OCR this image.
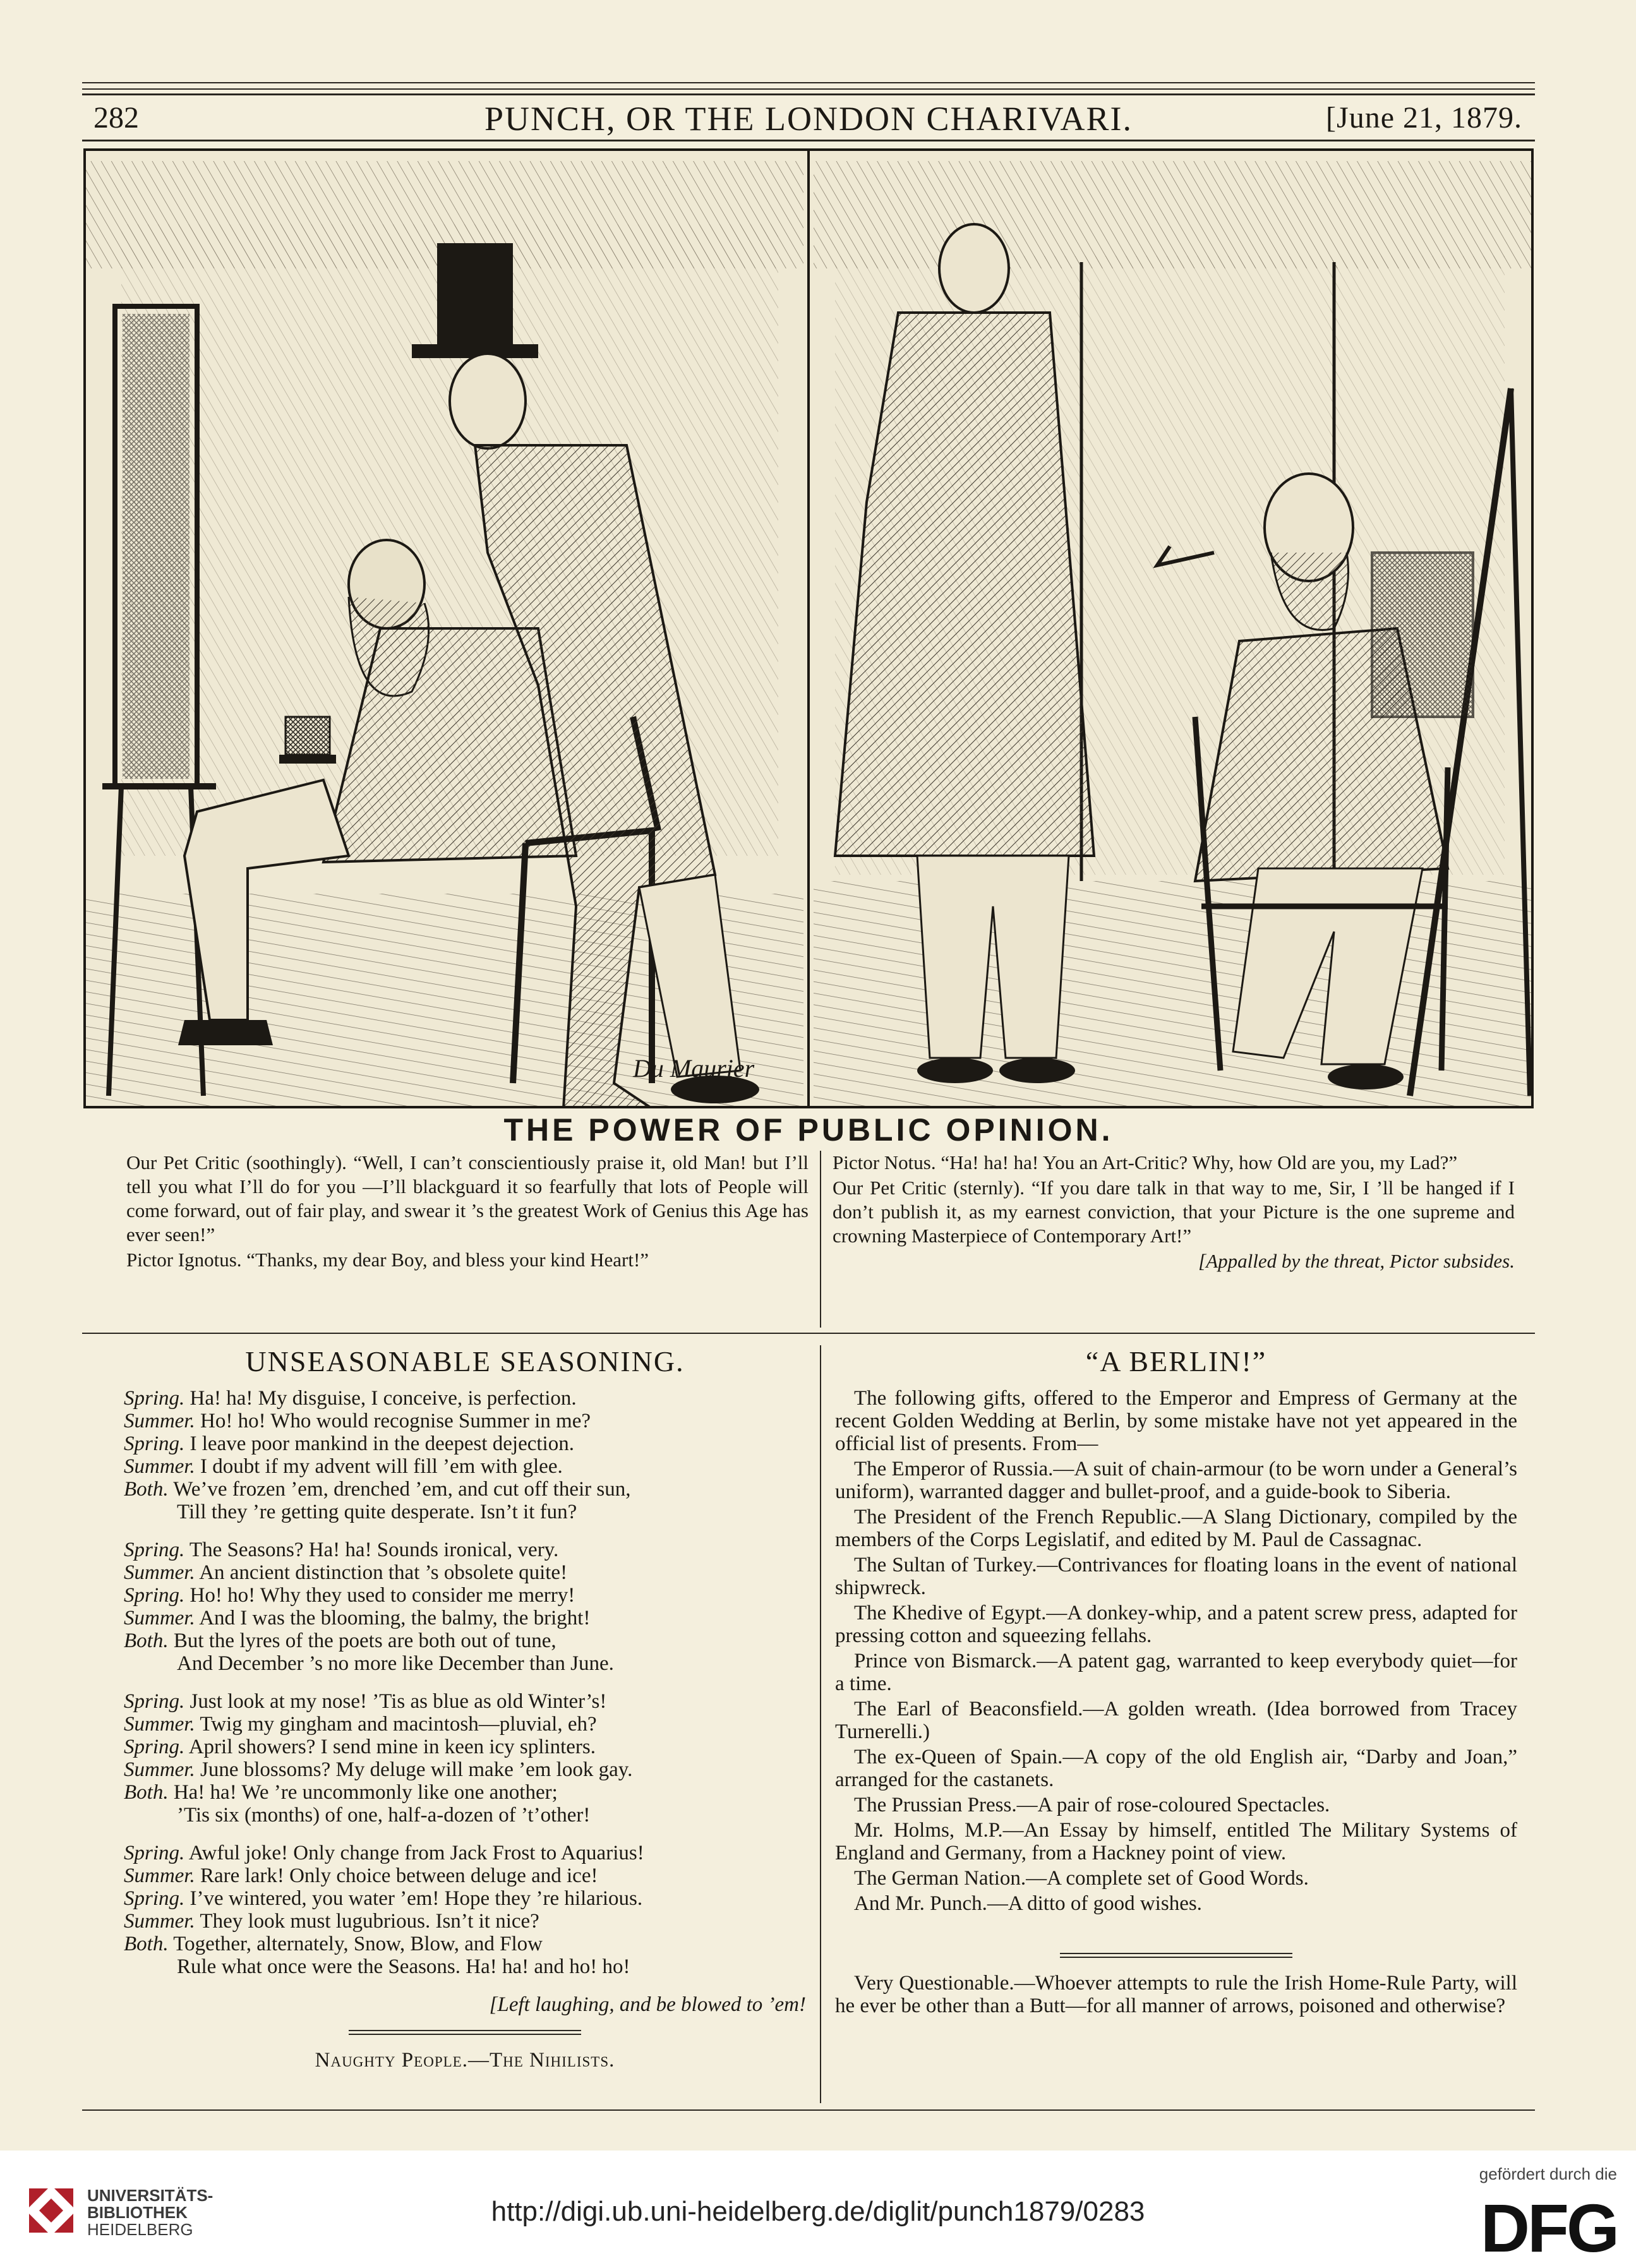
282	PUNCH, OR THE LONDON CHARIVARI.	[June 21, 1879.
Du Maurier
THE POWER OF PUBLIC OPINION.

Our Pet Critic (soothingly). “Well, I can’t conscientiously praise it, old Man! but I’ll tell you what I’ll do for you —I’ll blackguard it so fearfully that lots of People will come forward, out of fair play, and swear it ’s the greatest Work of Genius this Age has ever seen!”

Pictor Ignotus. “Thanks, my dear Boy, and bless your kind Heart!”

Pictor Notus. “Ha! ha! ha! You an Art-Critic? Why, how Old are you, my Lad?”

Our Pet Critic (sternly). “If you dare talk in that way to me, Sir, I ’ll be hanged if I don’t publish it, as my earnest conviction, that your Picture is the one supreme and crowning Masterpiece of Contemporary Art!”

[Appalled by the threat, Pictor subsides.

UNSEASONABLE SEASONING.
Spring. Ha! ha! My disguise, I conceive, is perfection.
Summer. Ho! ho! Who would recognise Summer in me?
Spring. I leave poor mankind in the deepest dejection.
Summer. I doubt if my advent will fill ’em with glee.
Both. We’ve frozen ’em, drenched ’em, and cut off their sun,
Till they ’re getting quite desperate. Isn’t it fun?
Spring. The Seasons? Ha! ha! Sounds ironical, very.
Summer. An ancient distinction that ’s obsolete quite!
Spring. Ho! ho! Why they used to consider me merry!
Summer. And I was the blooming, the balmy, the bright!
Both. But the lyres of the poets are both out of tune,
And December ’s no more like December than June.
Spring. Just look at my nose! ’Tis as blue as old Winter’s!
Summer. Twig my gingham and macintosh—pluvial, eh?
Spring. April showers? I send mine in keen icy splinters.
Summer. June blossoms? My deluge will make ’em look gay.
Both. Ha! ha! We ’re uncommonly like one another;
’Tis six (months) of one, half-a-dozen of ’t’other!
Spring. Awful joke! Only change from Jack Frost to Aquarius!
Summer. Rare lark! Only choice between deluge and ice!
Spring. I’ve wintered, you water ’em! Hope they ’re hilarious.
Summer. They look must lugubrious. Isn’t it nice?
Both. Together, alternately, Snow, Blow, and Flow
Rule what once were the Seasons. Ha! ha! and ho! ho!
[Left laughing, and be blowed to ’em!
Naughty People.—The Nihilists.
“A BERLIN!”

The following gifts, offered to the Emperor and Empress of Germany at the recent Golden Wedding at Berlin, by some mistake have not yet appeared in the official list of presents. From—

The Emperor of Russia.—A suit of chain-armour (to be worn under a General’s uniform), warranted dagger and bullet-proof, and a guide-book to Siberia.

The President of the French Republic.—A Slang Dictionary, compiled by the members of the Corps Legislatif, and edited by M. Paul de Cassagnac.

The Sultan of Turkey.—Contrivances for floating loans in the event of national shipwreck.

The Khedive of Egypt.—A donkey-whip, and a patent screw press, adapted for pressing cotton and squeezing fellahs.

Prince von Bismarck.—A patent gag, warranted to keep everybody quiet—for a time.

The Earl of Beaconsfield.—A golden wreath. (Idea borrowed from Tracey Turnerelli.)

The ex-Queen of Spain.—A copy of the old English air, “Darby and Joan,” arranged for the castanets.

The Prussian Press.—A pair of rose-coloured Spectacles.

Mr. Holms, M.P.—An Essay by himself, entitled The Military Systems of England and Germany, from a Hackney point of view.

The German Nation.—A complete set of Good Words.

And Mr. Punch.—A ditto of good wishes.

Very Questionable.—Whoever attempts to rule the Irish Home-Rule Party, will he ever be other than a Butt—for all manner of arrows, poisoned and otherwise?

UNIVERSITÄTS-
BIBLIOTHEK
HEIDELBERG
http://digi.ub.uni-heidelberg.de/diglit/punch1879/0283
gefördert durch die
DFG
